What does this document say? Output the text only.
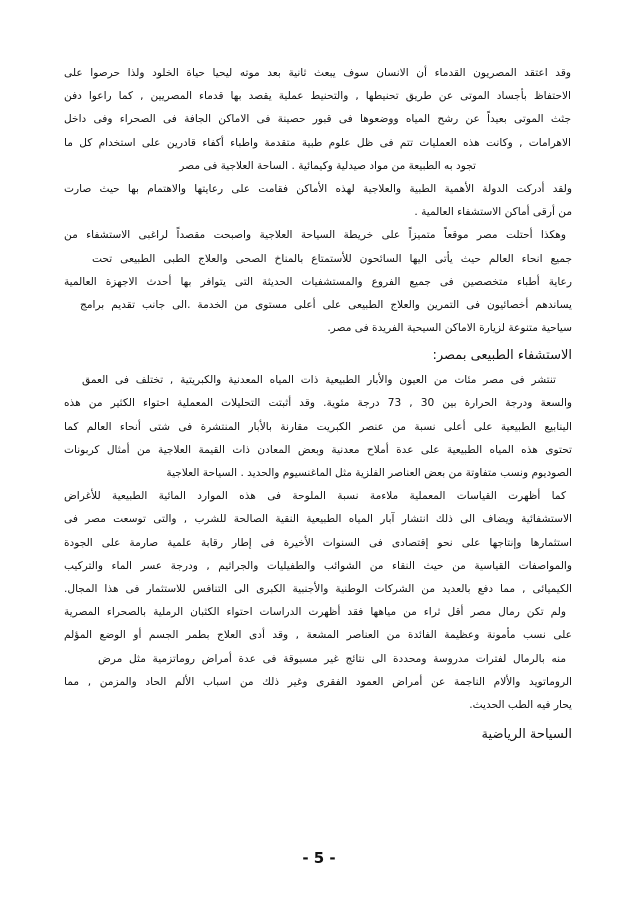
وقد اعتقد المصريون القدماء أن الانسان سوف يبعث ثانية بعد موته ليحيا حياة الخلود ولذا حرصوا على
الاحتفاظ بأجساد الموتى عن طريق تحنيطها , والتحنيط عملية يقصد بها قدماء المصريين , كما راعوا دفن
جثث الموتى بعيداً عن رشح المياه ووضعوها فى قبور حصينة فى الاماكن الجافة فى الصحراء وفى داخل
الاهرامات , وكانت هذه العمليات تتم فى ظل علوم طبية متقدمة واطباء أكفاء قادرين على استخدام كل ما
تجود به الطبيعة من مواد صيدلية وكيمائية . الساحة العلاجية فى مصر
ولقد أدركت الدولة الأهمية الطبية والعلاجية لهذه الأماكن فقامت على رعايتها والاهتمام بها حيث صارت
من أرقى أماكن الاستشفاء العالمية .
وهكذا أحتلت مصر موقعاً متميزاً على خريطة السياحة العلاجية واصبحت مقصداً لراغبى الاستشفاء من
جميع انحاء العالم حيث يأتى اليها السائحون للأستمتاع بالمناخ الصحى والعلاج الطبى الطبيعى تحت
رعاية أطباء متخصصين فى جميع الفروع والمستشفيات الحديثة التى يتوافر بها أحدث الاجهزة العالمية
يساندهم أخصائيون فى التمرين والعلاج الطبيعى على أعلى مستوى من الخدمة .الى جانب تقديم برامج
سياحية متنوعة لزيارة الاماكن السيحية الفريدة فى مصر.
الاستشفاء الطبيعى بمصر:
تنتشر فى مصر مئات من العيون والأبار الطبيعية ذات المياه المعدنية والكبريتية , تختلف فى العمق
والسعة ودرجة الحرارة بين 30 , 73 درجة مئوية. وقد أثبتت التحليلات المعملية احتواء الكثير من هذه
الينابيع الطبيعية على أعلى نسبة من عنصر الكبريت مقارنة بالأبار المنتشرة فى شتى أنحاء العالم كما
تحتوى هذه المياه الطبيعية على عدة أملاح معدنية وبعض المعادن ذات القيمة العلاجية من أمثال كربونات
الصوديوم ونسب متفاوتة من بعض العناصر الفلزية مثل الماغنسيوم والحديد . السياحة العلاجية
كما أظهرت القياسات المعملية ملاءمة نسبة الملوحة فى هذه الموارد المائية الطبيعية للأغراض
الاستشفائية ويضاف الى ذلك انتشار آبار المياه الطبيعية النقية الصالحة للشرب , والتى توسعت مصر فى
استثمارها وإنتاجها على نحو إقتصادى فى السنوات الأخيرة فى إطار رقابة علمية صارمة على الجودة
والمواصفات القياسية من حيث النقاء من الشوائب والطفيليات والجراثيم , ودرجة عسر الماء والتركيب
الكيميائى , مما دفع بالعديد من الشركات الوطنية والأجنبية الكبرى الى التنافس للاستثمار فى هذا المجال.
ولم تكن رمال مصر أقل ثراء من مياهها فقد أظهرت الدراسات احتواء الكثبان الرملية بالصحراء المصرية
على نسب مأمونة وعظيمة الفائدة من العناصر المشعة , وقد أدى العلاج بطمر الجسم أو الوضع المؤلم
منه بالرمال لفترات مدروسة ومحددة الى نتائج غير مسبوقة فى عدة أمراض روماتزمية مثل مرض
الروماتويد والألام الناجمة عن أمراض العمود الفقرى وغير ذلك من اسباب الألم الحاد والمزمن , مما
يحار فيه الطب الحديث.
السياحة الرياضية
- 5 -
